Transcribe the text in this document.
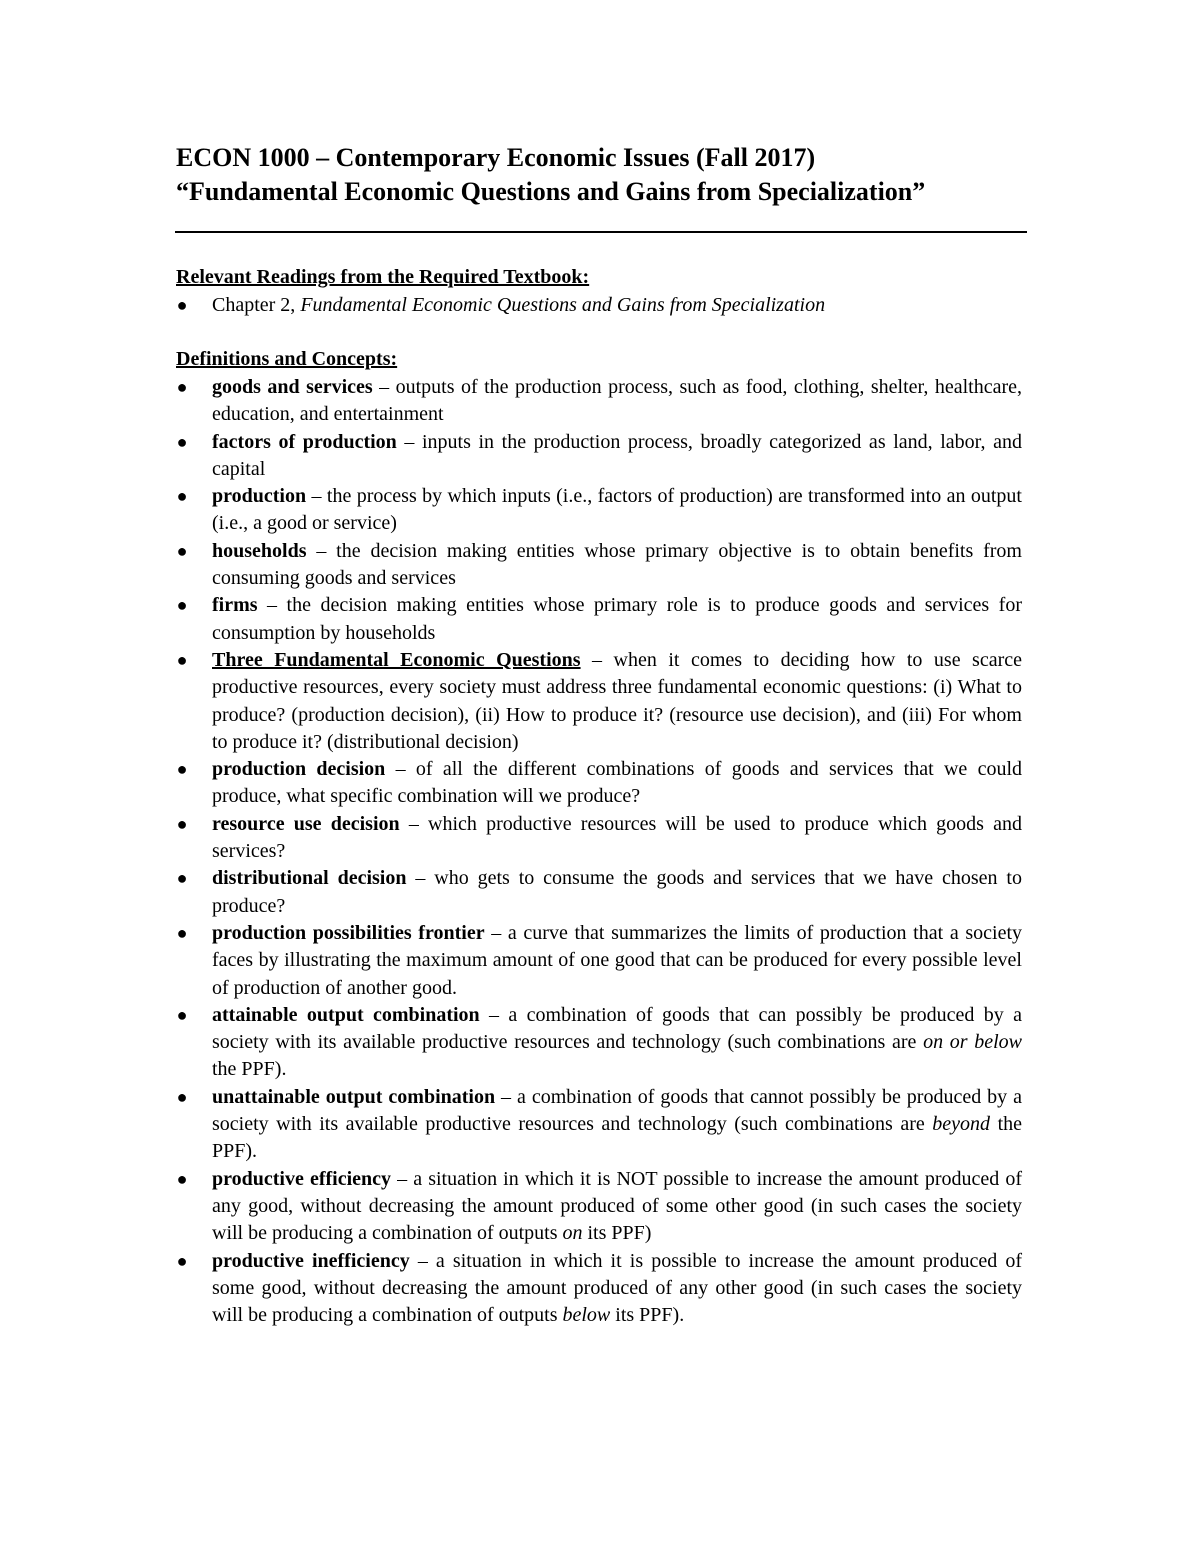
ECON 1000 – Contemporary Economic Issues (Fall 2017)
“Fundamental Economic Questions and Gains from Specialization”
Relevant Readings from the Required Textbook:
● Chapter 2, Fundamental Economic Questions and Gains from Specialization
Definitions and Concepts:
● goods and services – outputs of the production process, such as food, clothing, shelter, healthcare, education, and entertainment
● factors of production – inputs in the production process, broadly categorized as land, labor, and capital
● production – the process by which inputs (i.e., factors of production) are transformed into an output (i.e., a good or service)
● households – the decision making entities whose primary objective is to obtain benefits from consuming goods and services
● firms – the decision making entities whose primary role is to produce goods and services for consumption by households
● Three Fundamental Economic Questions – when it comes to deciding how to use scarce productive resources, every society must address three fundamental economic questions: (i) What to produce? (production decision), (ii) How to produce it? (resource use decision), and (iii) For whom to produce it? (distributional decision)
● production decision – of all the different combinations of goods and services that we could produce, what specific combination will we produce?
● resource use decision – which productive resources will be used to produce which goods and services?
● distributional decision – who gets to consume the goods and services that we have chosen to produce?
● production possibilities frontier – a curve that summarizes the limits of production that a society faces by illustrating the maximum amount of one good that can be produced for every possible level of production of another good.
● attainable output combination – a combination of goods that can possibly be produced by a society with its available productive resources and technology (such combinations are on or below the PPF).
● unattainable output combination – a combination of goods that cannot possibly be produced by a society with its available productive resources and technology (such combinations are beyond the PPF).
● productive efficiency – a situation in which it is NOT possible to increase the amount produced of any good, without decreasing the amount produced of some other good (in such cases the society will be producing a combination of outputs on its PPF)
● productive inefficiency – a situation in which it is possible to increase the amount produced of some good, without decreasing the amount produced of any other good (in such cases the society will be producing a combination of outputs below its PPF).
